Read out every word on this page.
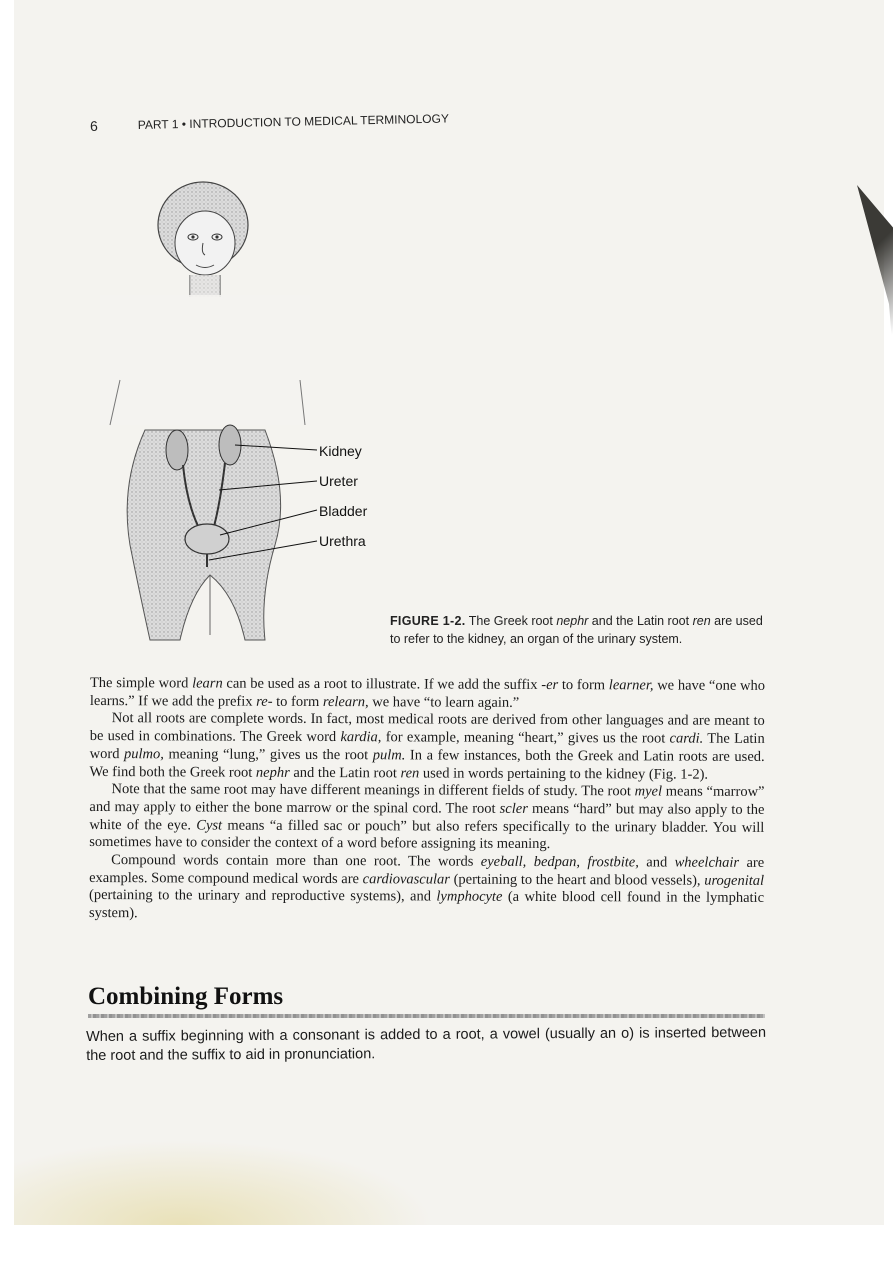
6	PART 1 • INTRODUCTION TO MEDICAL TERMINOLOGY
Kidney
Ureter
Bladder
Urethra
FIGURE 1-2. The Greek root nephr and the Latin root ren are used to refer to the kidney, an organ of the urinary system.

The simple word learn can be used as a root to illustrate. If we add the suffix -er to form learner, we have “one who learns.” If we add the prefix re- to form relearn, we have “to learn again.”

Not all roots are complete words. In fact, most medical roots are derived from other languages and are meant to be used in combinations. The Greek word kardia, for example, meaning “heart,” gives us the root cardi. The Latin word pulmo, meaning “lung,” gives us the root pulm. In a few instances, both the Greek and Latin roots are used. We find both the Greek root nephr and the Latin root ren used in words pertaining to the kidney (Fig. 1-2).

Note that the same root may have different meanings in different fields of study. The root myel means “marrow” and may apply to either the bone marrow or the spinal cord. The root scler means “hard” but may also apply to the white of the eye. Cyst means “a filled sac or pouch” but also refers specifically to the urinary bladder. You will sometimes have to consider the context of a word before assigning its meaning.

Compound words contain more than one root. The words eyeball, bedpan, frostbite, and wheelchair are examples. Some compound medical words are cardiovascular (pertaining to the heart and blood vessels), urogenital (pertaining to the urinary and reproductive systems), and lymphocyte (a white blood cell found in the lymphatic system).

Combining Forms
When a suffix beginning with a consonant is added to a root, a vowel (usually an o) is inserted between the root and the suffix to aid in pronunciation.
